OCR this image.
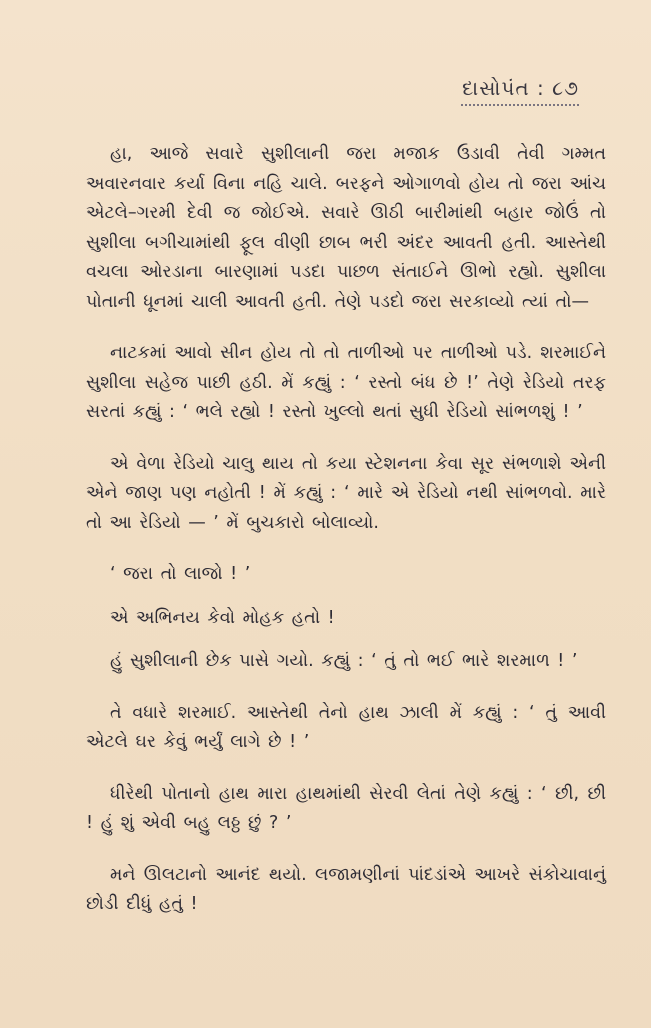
દાસોપંત : ૮૭

હા, આજે સવારે સુશીલાની જરા મજાક ઉડાવી તેવી ગમ્મત અવારનવાર કર્યા વિના નહિ ચાલે. બરફને ઓગાળવો હોય તો જરા આંચ એટલે–ગરમી દેવી જ જોઈએ. સવારે ઊઠી બારીમાંથી બહાર જોઉં તો સુશીલા બગીચામાંથી ફૂલ વીણી છાબ ભરી અંદર આવતી હતી. આસ્તેથી વચલા ઓરડાના બારણામાં પડદા પાછળ સંતાઈને ઊભો રહ્યો. સુશીલા પોતાની ધૂનમાં ચાલી આવતી હતી. તેણે પડદો જરા સરકાવ્યો ત્યાં તો—

નાટકમાં આવો સીન હોય તો તો તાળીઓ પર તાળીઓ પડે. શરમાઈને સુશીલા સહેજ પાછી હઠી. મેં કહ્યું : ‘ રસ્તો બંધ છે !’ તેણે રેડિયો તરફ સરતાં કહ્યું : ‘ ભલે રહ્યો ! રસ્તો ખુલ્લો થતાં સુધી રેડિયો સાંભળશું ! ’

એ વેળા રેડિયો ચાલુ થાય તો કયા સ્ટેશનના કેવા સૂર સંભળાશે એની એને જાણ પણ નહોતી ! મેં કહ્યું : ‘ મારે એ રેડિયો નથી સાંભળવો. મારે તો આ રેડિયો — ’ મેં બુચકારો બોલાવ્યો.

‘ જરા તો લાજો ! ’

એ અભિનય કેવો મોહક હતો !

હું સુશીલાની છેક પાસે ગયો. કહ્યું : ‘ તું તો ભઈ ભારે શરમાળ ! ’

તે વધારે શરમાઈ. આસ્તેથી તેનો હાથ ઝાલી મેં કહ્યું : ‘ તું આવી એટલે ઘર કેવું ભર્યું લાગે છે ! ’

ધીરેથી પોતાનો હાથ મારા હાથમાંથી સેરવી લેતાં તેણે કહ્યું : ‘ છી, છી ! હું શું એવી બહુ લઠ્ઠ છું ? ’

મને ઊલટાનો આનંદ થયો. લજામણીનાં પાંદડાંએ આખરે સંકોચાવાનું છોડી દીધું હતું !
